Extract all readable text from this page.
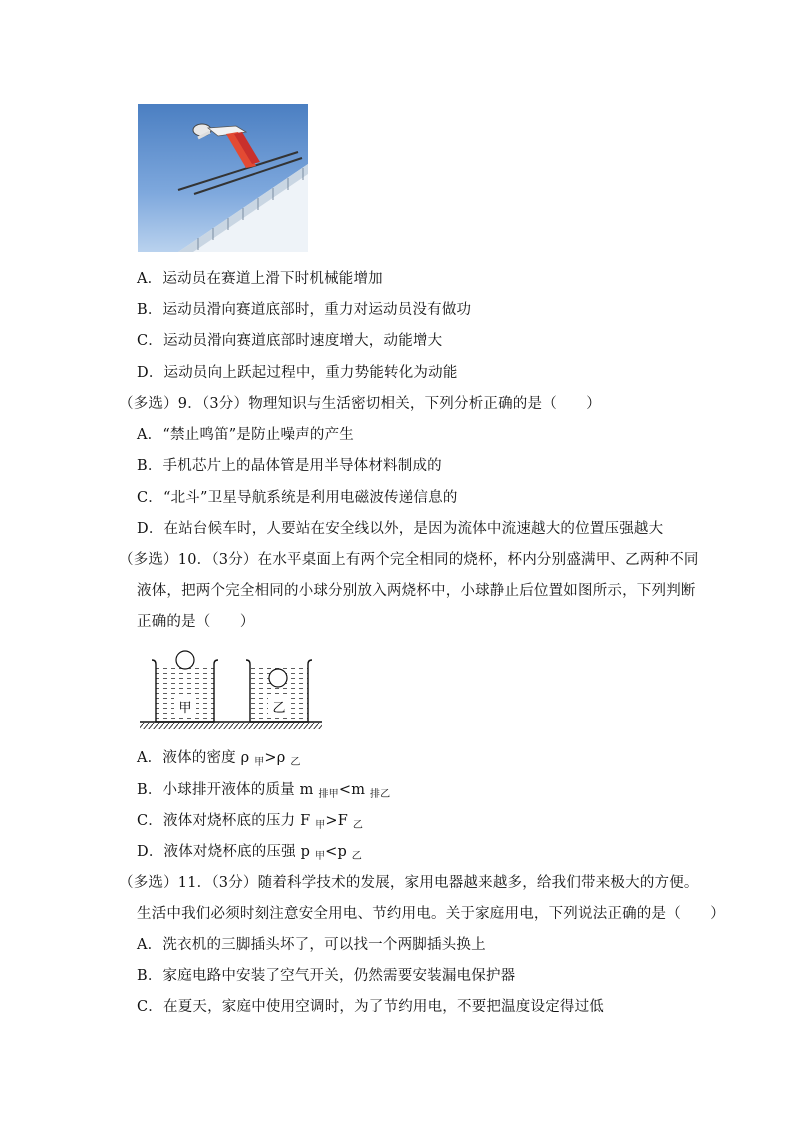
A．运动员在赛道上滑下时机械能增加
B．运动员滑向赛道底部时，重力对运动员没有做功
C．运动员滑向赛道底部时速度增大，动能增大
D．运动员向上跃起过程中，重力势能转化为动能
（多选）9．（3分）物理知识与生活密切相关，下列分析正确的是（　　）
A．“禁止鸣笛”是防止噪声的产生
B．手机芯片上的晶体管是用半导体材料制成的
C．“北斗”卫星导航系统是利用电磁波传递信息的
D．在站台候车时，人要站在安全线以外，是因为流体中流速越大的位置压强越大
（多选）10．（3分）在水平桌面上有两个完全相同的烧杯，杯内分别盛满甲、乙两种不同
液体，把两个完全相同的小球分别放入两烧杯中，小球静止后位置如图所示，下列判断
正确的是（　　）
甲	乙
A．液体的密度 ρ $_甲$>ρ $_乙$
B．小球排开液体的质量 m $_{排甲}$<m $_{排乙}$
C．液体对烧杯底的压力 F $_甲$>F $_乙$
D．液体对烧杯底的压强 p $_甲$<p $_乙$
（多选）11．（3分）随着科学技术的发展，家用电器越来越多，给我们带来极大的方便。
生活中我们必须时刻注意安全用电、节约用电。关于家庭用电，下列说法正确的是（　　）
A．洗衣机的三脚插头坏了，可以找一个两脚插头换上
B．家庭电路中安装了空气开关，仍然需要安装漏电保护器
C．在夏天，家庭中使用空调时，为了节约用电，不要把温度设定得过低
